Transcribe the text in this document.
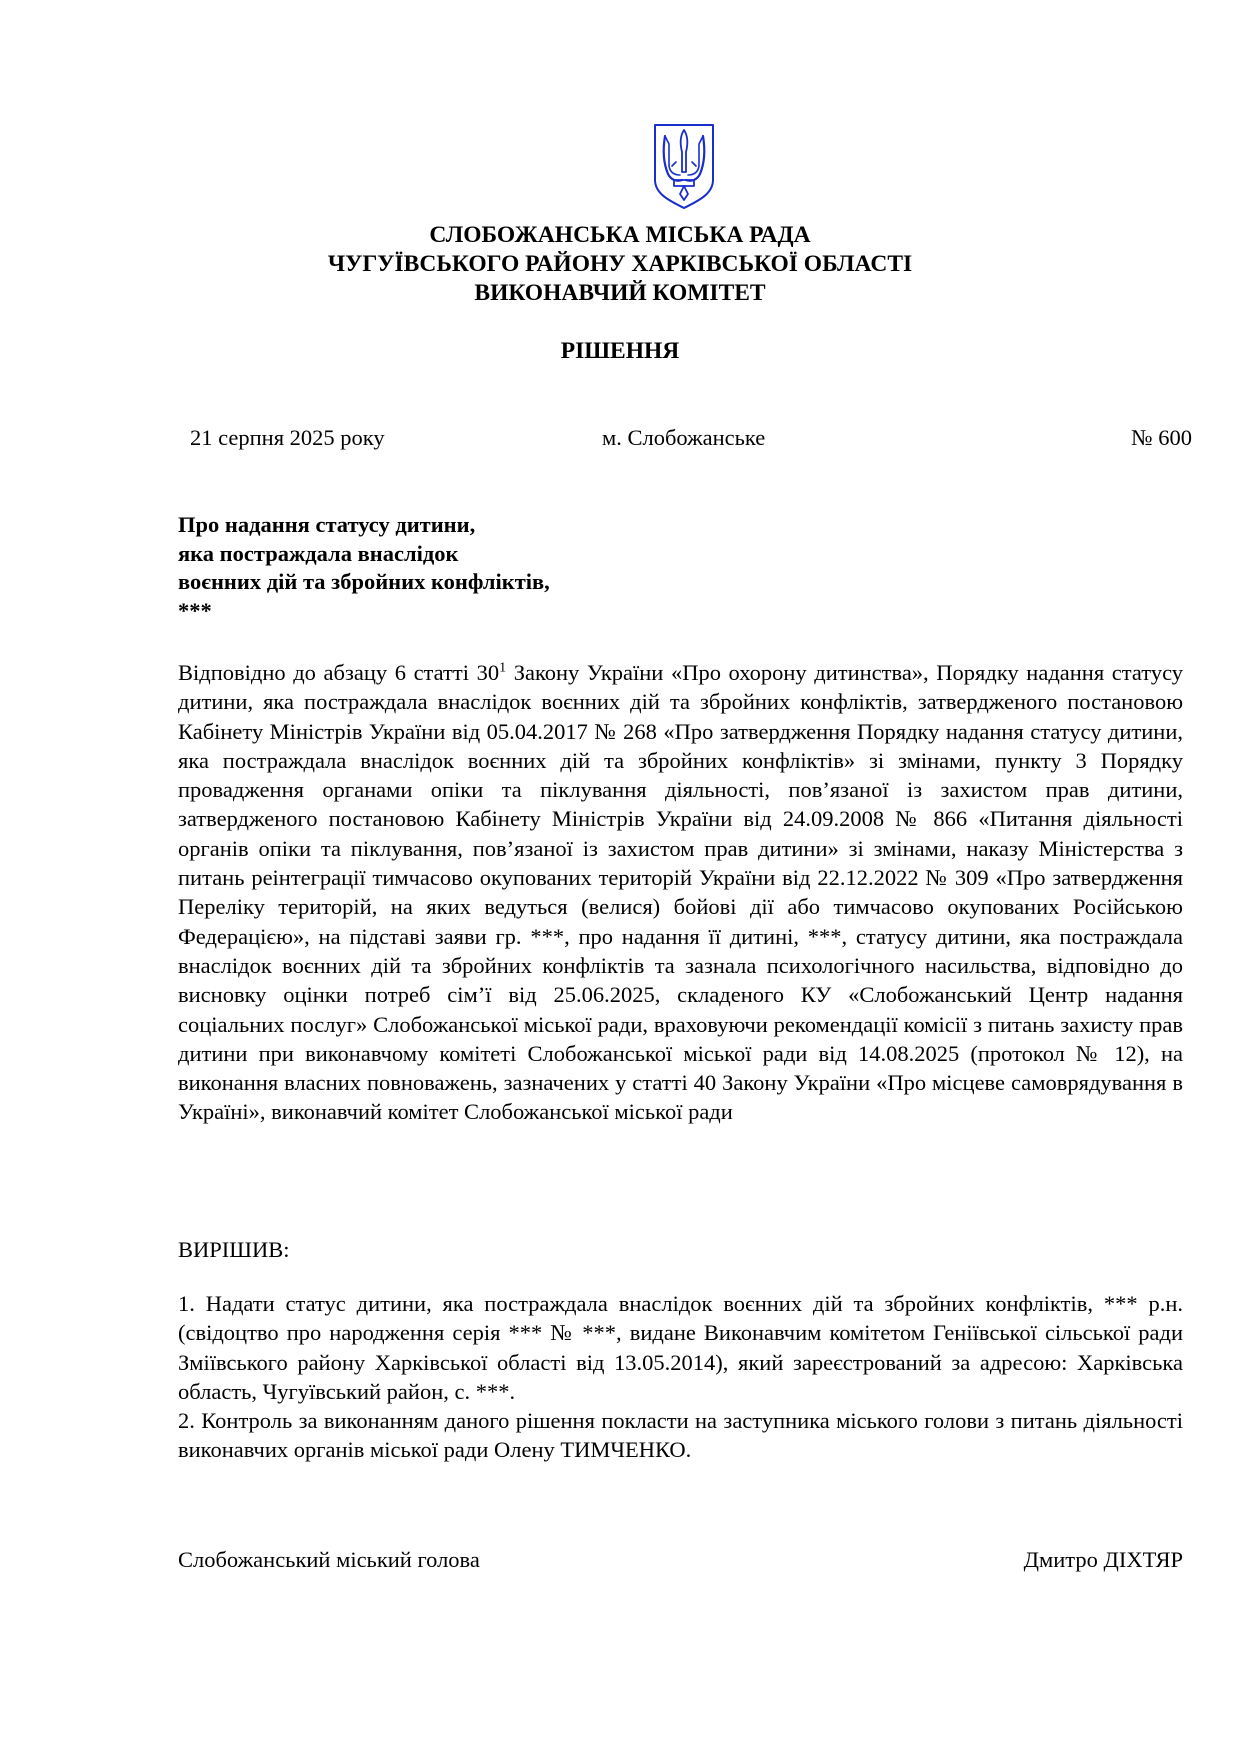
СЛОБОЖАНСЬКА МІСЬКА РАДА
ЧУГУЇВСЬКОГО РАЙОНУ ХАРКІВСЬКОЇ ОБЛАСТІ
ВИКОНАВЧИЙ КОМІТЕТ
РІШЕННЯ
21 серпня 2025 року	м. Слобожанське	№ 600
Про надання статусу дитини,
яка постраждала внаслідок
воєнних дій та збройних конфліктів,
***

Відповідно до абзацу 6 статті $30^1$ Закону України «Про охорону дитинства», Порядку надання статусу дитини, яка постраждала внаслідок воєнних дій та збройних конфліктів, затвердженого постановою Кабінету Міністрів України від 05.04.2017 № 268 «Про затвердження Порядку надання статусу дитини, яка постраждала внаслідок воєнних дій та збройних конфліктів» зі змінами, пункту 3 Порядку провадження органами опіки та піклування діяльності, пов’язаної із захистом прав дитини, затвердженого постановою Кабінету Міністрів України від 24.09.2008 № 866 «Питання діяльності органів опіки та піклування, пов’язаної із захистом прав дитини» зі змінами, наказу Міністерства з питань реінтеграції тимчасово окупованих територій України від 22.12.2022 № 309 «Про затвердження Переліку територій, на яких ведуться (велися) бойові дії або тимчасово окупованих Російською Федерацією», на підставі заяви гр. ***, про надання її дитині, ***, статусу дитини, яка постраждала внаслідок воєнних дій та збройних конфліктів та зазнала психологічного насильства, відповідно до висновку оцінки потреб сім’ї від 25.06.2025, складеного КУ «Слобожанський Центр надання соціальних послуг» Слобожанської міської ради, враховуючи рекомендації комісії з питань захисту прав дитини при виконавчому комітеті Слобожанської міської ради від 14.08.2025 (протокол № 12), на виконання власних повноважень, зазначених у статті 40 Закону України «Про місцеве самоврядування в Україні», виконавчий комітет Слобожанської міської ради

ВИРІШИВ:
1. Надати статус дитини, яка постраждала внаслідок воєнних дій та збройних конфліктів, *** р.н. (свідоцтво про народження серія *** № ***, видане Виконавчим комітетом Геніївської сільської ради Зміївського району Харківської області від 13.05.2014), який зареєстрований за адресою: Харківська область, Чугуївський район, с. ***.
2. Контроль за виконанням даного рішення покласти на заступника міського голови з питань діяльності виконавчих органів міської ради Олену ТИМЧЕНКО.
Слобожанський міський голова	Дмитро ДІХТЯР
